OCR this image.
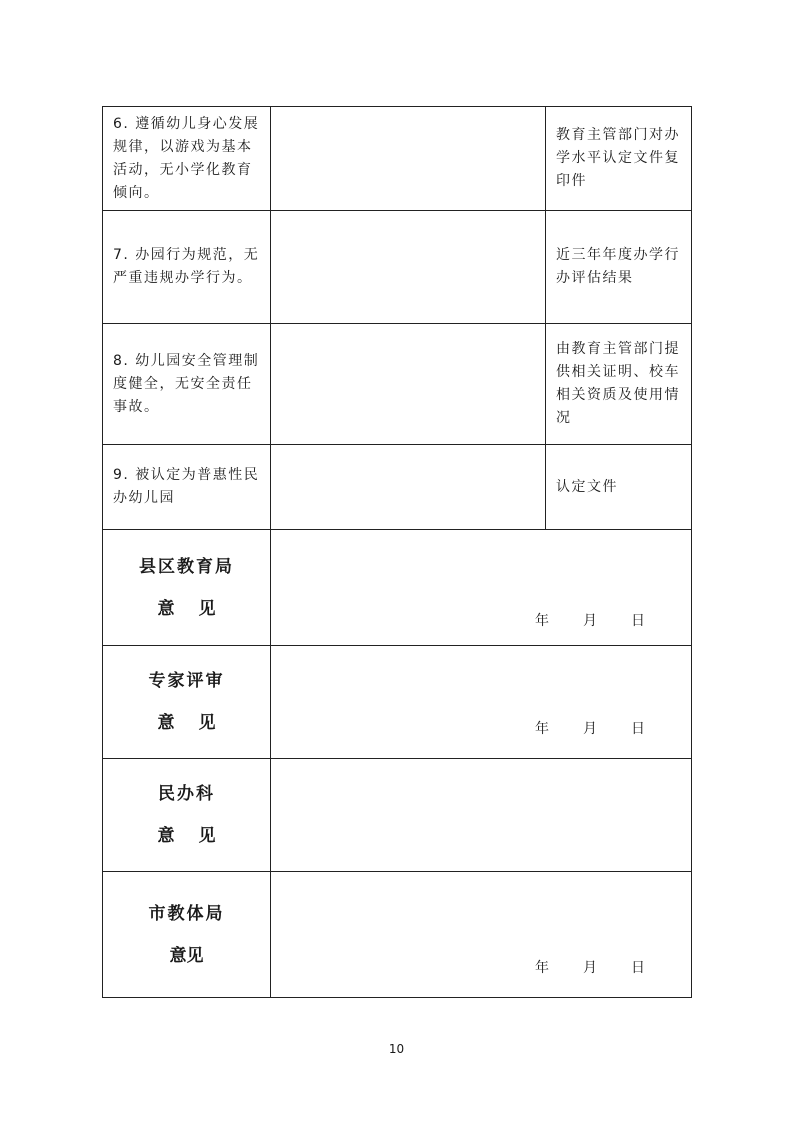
6. 遵循幼儿身心发展规律，以游戏为基本活动，无小学化教育倾向。		教育主管部门对办学水平认定文件复印件
7. 办园行为规范，无严重违规办学行为。		近三年年度办学行办评估结果
8. 幼儿园安全管理制度健全，无安全责任事故。		由教育主管部门提供相关证明、校车相关资质及使用情况
9. 被认定为普惠性民办幼儿园		认定文件

县区教育局
意 见	年 月 日	

专家评审
意 见	年 月 日	

民办科
意 见		

市教体局
意见	年 月 日	
10
